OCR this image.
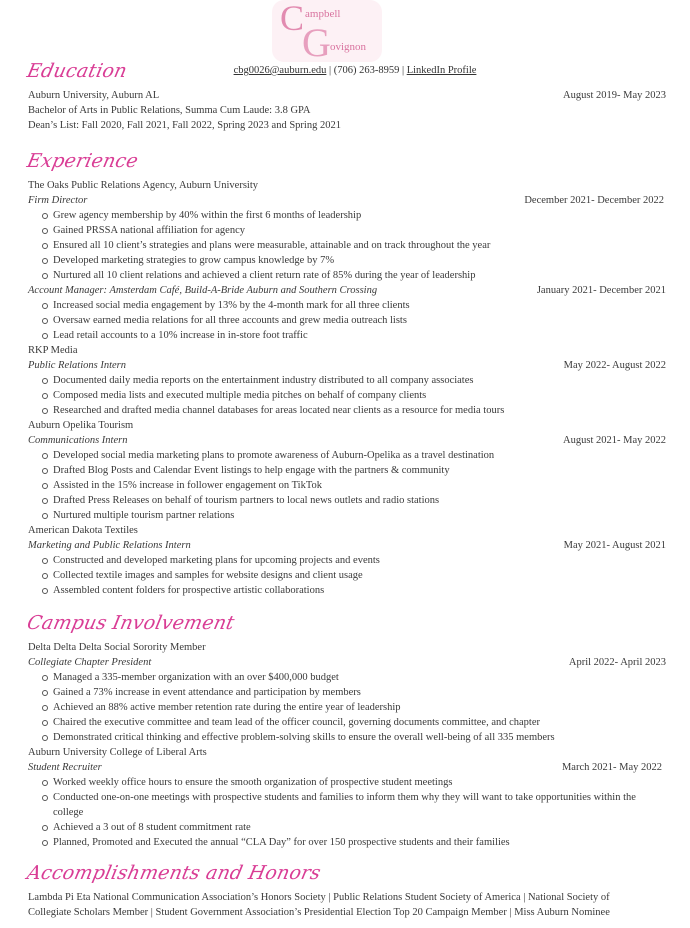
C
G
ampbell
ovignon
cbg0026@auburn.edu | (706) 263-8959 | LinkedIn Profile
Education
Auburn University, Auburn AL	August 2019- May 2023
Bachelor of Arts in Public Relations, Summa Cum Laude: 3.8 GPA
Dean’s List: Fall 2020, Fall 2021, Fall 2022, Spring 2023 and Spring 2021
Experience
The Oaks Public Relations Agency, Auburn University
Firm Director	December 2021- December 2022
Grew agency membership by 40% within the first 6 months of leadership
Gained PRSSA national affiliation for agency
Ensured all 10 client’s strategies and plans were measurable, attainable and on track throughout the year
Developed marketing strategies to grow campus knowledge by 7%
Nurtured all 10 client relations and achieved a client return rate of 85% during the year of leadership
Account Manager: Amsterdam Café, Build-A-Bride Auburn and Southern Crossing	January 2021- December 2021
Increased social media engagement by 13% by the 4-month mark for all three clients
Oversaw earned media relations for all three accounts and grew media outreach lists
Lead retail accounts to a 10% increase in in-store foot traffic
RKP Media
Public Relations Intern	May 2022- August 2022
Documented daily media reports on the entertainment industry distributed to all company associates
Composed media lists and executed multiple media pitches on behalf of company clients
Researched and drafted media channel databases for areas located near clients as a resource for media tours
Auburn Opelika Tourism
Communications Intern	August 2021- May 2022
Developed social media marketing plans to promote awareness of Auburn-Opelika as a travel destination
Drafted Blog Posts and Calendar Event listings to help engage with the partners & community
Assisted in the 15% increase in follower engagement on TikTok
Drafted Press Releases on behalf of tourism partners to local news outlets and radio stations
Nurtured multiple tourism partner relations
American Dakota Textiles
Marketing and Public Relations Intern	May 2021- August 2021
Constructed and developed marketing plans for upcoming projects and events
Collected textile images and samples for website designs and client usage
Assembled content folders for prospective artistic collaborations
Campus Involvement
Delta Delta Delta Social Sorority Member
Collegiate Chapter President	April 2022- April 2023
Managed a 335-member organization with an over $400,000 budget
Gained a 73% increase in event attendance and participation by members
Achieved an 88% active member retention rate during the entire year of leadership
Chaired the executive committee and team lead of the officer council, governing documents committee, and chapter
Demonstrated critical thinking and effective problem-solving skills to ensure the overall well-being of all 335 members
Auburn University College of Liberal Arts
Student Recruiter	March 2021- May 2022
Worked weekly office hours to ensure the smooth organization of prospective student meetings
Conducted one-on-one meetings with prospective students and families to inform them why they will want to take opportunities within the college
Achieved a 3 out of 8 student commitment rate
Planned, Promoted and Executed the annual “CLA Day” for over 150 prospective students and their families
Accomplishments and Honors
Lambda Pi Eta National Communication Association’s Honors Society | Public Relations Student Society of America | National Society of Collegiate Scholars Member | Student Government Association’s Presidential Election Top 20 Campaign Member | Miss Auburn Nominee
